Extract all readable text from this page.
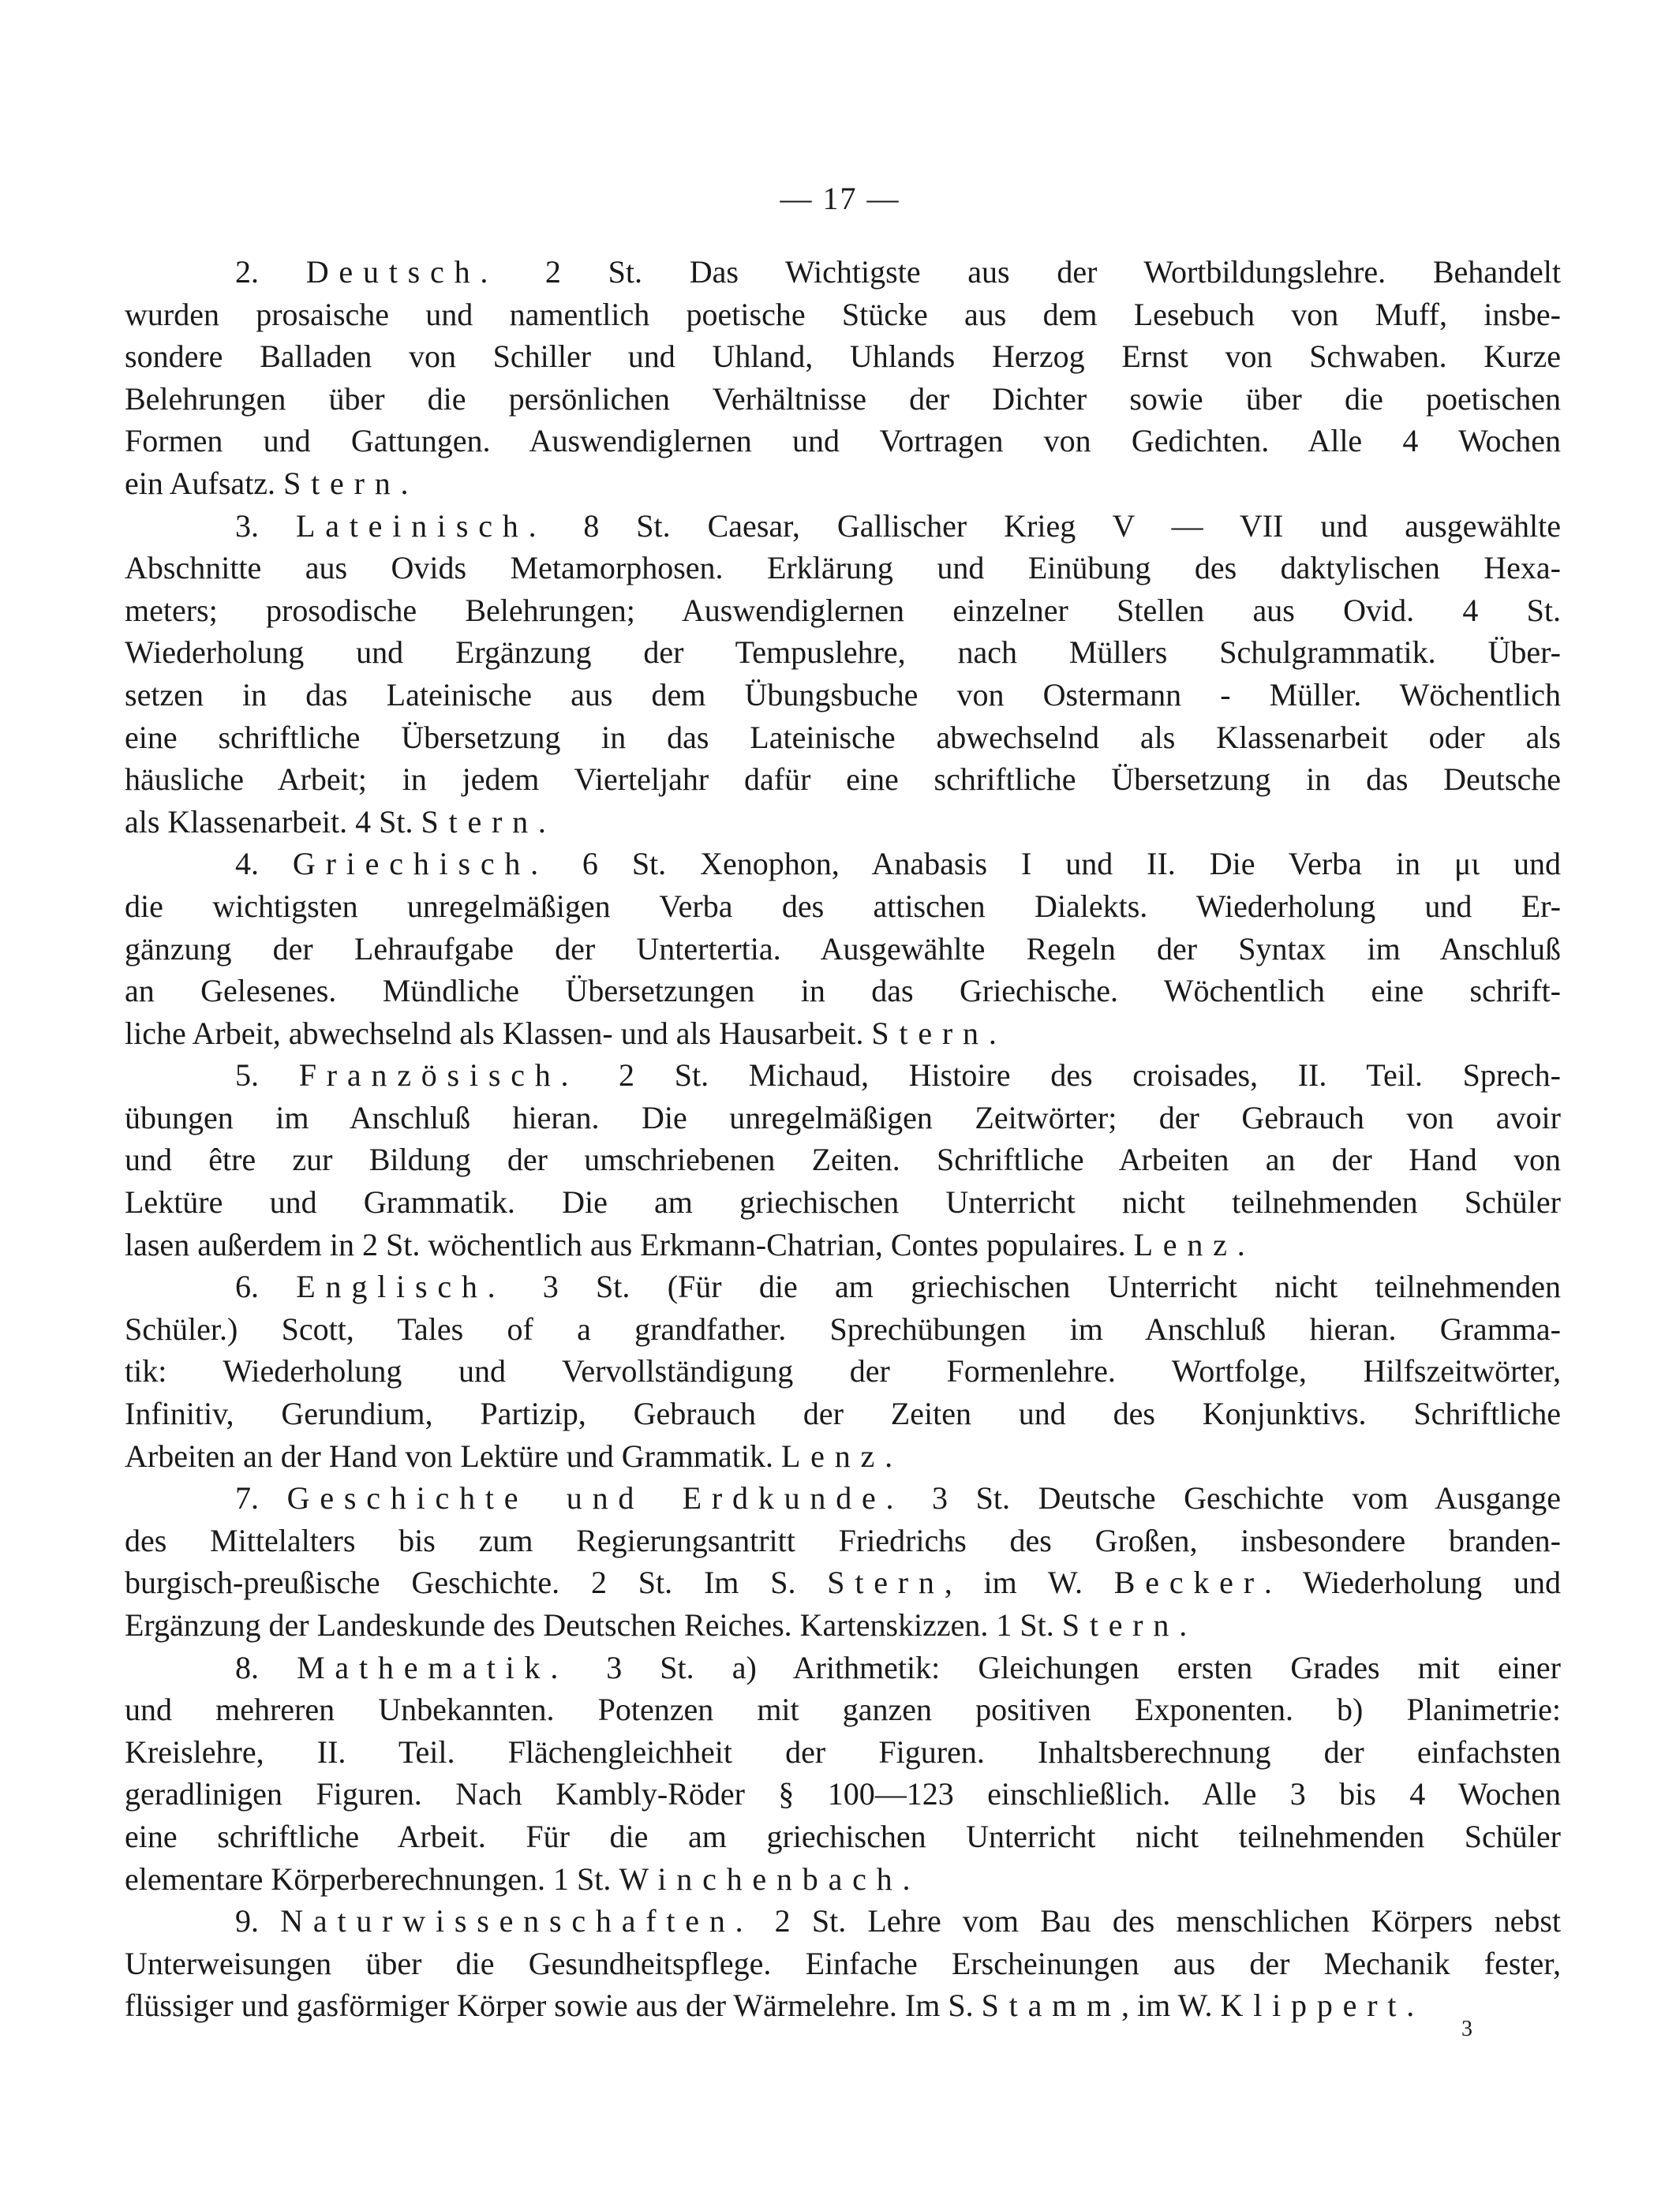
— 17 —
2. Deutsch. 2 St. Das Wichtigste aus der Wortbildungslehre. Behandelt
wurden prosaische und namentlich poetische Stücke aus dem Lesebuch von Muff, insbe-
sondere Balladen von Schiller und Uhland, Uhlands Herzog Ernst von Schwaben. Kurze
Belehrungen über die persönlichen Verhältnisse der Dichter sowie über die poetischen
Formen und Gattungen. Auswendiglernen und Vortragen von Gedichten. Alle 4 Wochen
ein Aufsatz. Stern.
3. Lateinisch. 8 St. Caesar, Gallischer Krieg V — VII und ausgewählte
Abschnitte aus Ovids Metamorphosen. Erklärung und Einübung des daktylischen Hexa-
meters; prosodische Belehrungen; Auswendiglernen einzelner Stellen aus Ovid. 4 St.
Wiederholung und Ergänzung der Tempuslehre, nach Müllers Schulgrammatik. Über-
setzen in das Lateinische aus dem Übungsbuche von Ostermann - Müller. Wöchentlich
eine schriftliche Übersetzung in das Lateinische abwechselnd als Klassenarbeit oder als
häusliche Arbeit; in jedem Vierteljahr dafür eine schriftliche Übersetzung in das Deutsche
als Klassenarbeit. 4 St. Stern.
4. Griechisch. 6 St. Xenophon, Anabasis I und II. Die Verba in μι und
die wichtigsten unregelmäßigen Verba des attischen Dialekts. Wiederholung und Er-
gänzung der Lehraufgabe der Untertertia. Ausgewählte Regeln der Syntax im Anschluß
an Gelesenes. Mündliche Übersetzungen in das Griechische. Wöchentlich eine schrift-
liche Arbeit, abwechselnd als Klassen- und als Hausarbeit. Stern.
5. Französisch. 2 St. Michaud, Histoire des croisades, II. Teil. Sprech-
übungen im Anschluß hieran. Die unregelmäßigen Zeitwörter; der Gebrauch von avoir
und être zur Bildung der umschriebenen Zeiten. Schriftliche Arbeiten an der Hand von
Lektüre und Grammatik. Die am griechischen Unterricht nicht teilnehmenden Schüler
lasen außerdem in 2 St. wöchentlich aus Erkmann-Chatrian, Contes populaires. Lenz.
6. Englisch. 3 St. (Für die am griechischen Unterricht nicht teilnehmenden
Schüler.) Scott, Tales of a grandfather. Sprechübungen im Anschluß hieran. Gramma-
tik: Wiederholung und Vervollständigung der Formenlehre. Wortfolge, Hilfszeitwörter,
Infinitiv, Gerundium, Partizip, Gebrauch der Zeiten und des Konjunktivs. Schriftliche
Arbeiten an der Hand von Lektüre und Grammatik. Lenz.
7. Geschichte und Erdkunde. 3 St. Deutsche Geschichte vom Ausgange
des Mittelalters bis zum Regierungsantritt Friedrichs des Großen, insbesondere branden-
burgisch-preußische Geschichte. 2 St. Im S. Stern, im W. Becker. Wiederholung und
Ergänzung der Landeskunde des Deutschen Reiches. Kartenskizzen. 1 St. Stern.
8. Mathematik. 3 St. a) Arithmetik: Gleichungen ersten Grades mit einer
und mehreren Unbekannten. Potenzen mit ganzen positiven Exponenten. b) Planimetrie:
Kreislehre, II. Teil. Flächengleichheit der Figuren. Inhaltsberechnung der einfachsten
geradlinigen Figuren. Nach Kambly-Röder § 100—123 einschließlich. Alle 3 bis 4 Wochen
eine schriftliche Arbeit. Für die am griechischen Unterricht nicht teilnehmenden Schüler
elementare Körperberechnungen. 1 St. Winchenbach.
9. Naturwissenschaften. 2 St. Lehre vom Bau des menschlichen Körpers nebst
Unterweisungen über die Gesundheitspflege. Einfache Erscheinungen aus der Mechanik fester,
flüssiger und gasförmiger Körper sowie aus der Wärmelehre. Im S. Stamm, im W. Klippert.
3
